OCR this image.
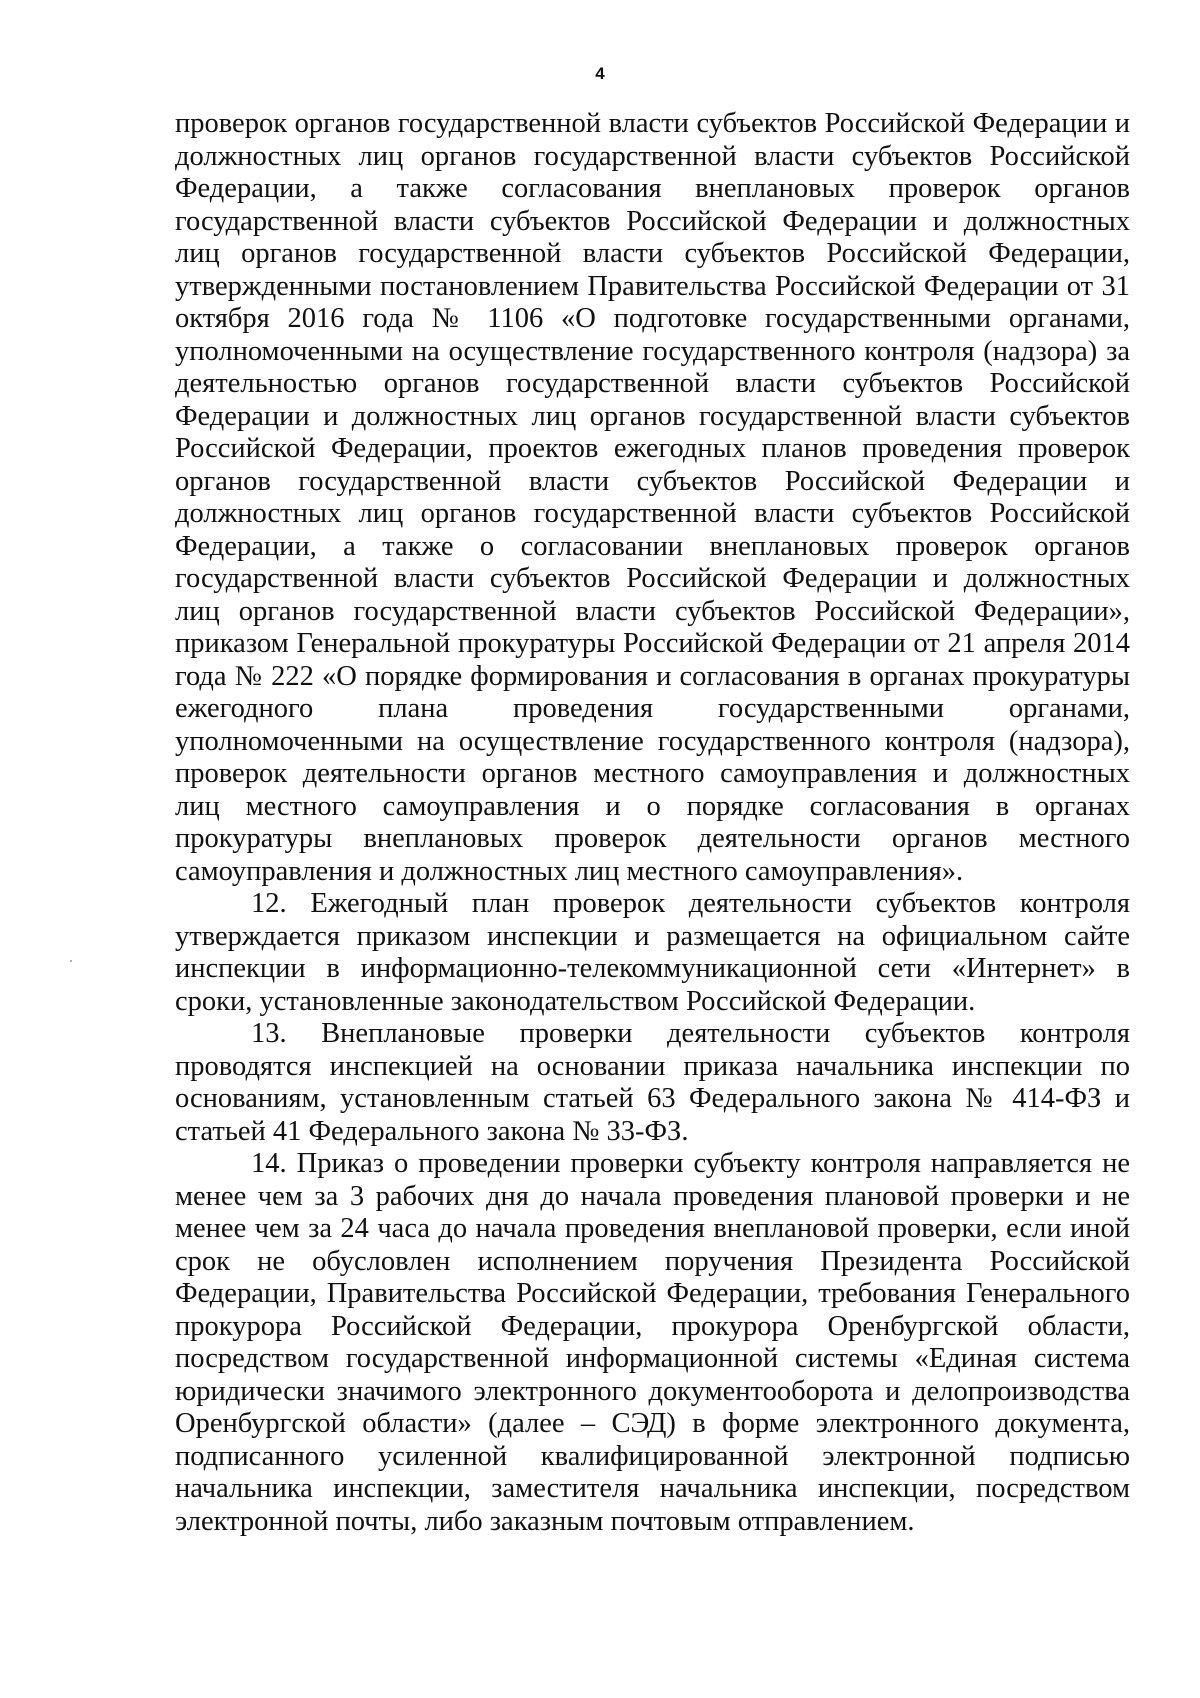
4

проверок органов государственной власти субъектов Российской Федерации и должностных лиц органов государственной власти субъектов Российской Федерации, а также согласования внеплановых проверок органов государственной власти субъектов Российской Федерации и должностных лиц органов государственной власти субъектов Российской Федерации, утвержденными постановлением Правительства Российской Федерации от 31 октября 2016 года № 1106 «О подготовке государственными органами, уполномоченными на осуществление государственного контроля (надзора) за деятельностью органов государственной власти субъектов Российской Федерации и должностных лиц органов государственной власти субъектов Российской Федерации, проектов ежегодных планов проведения проверок органов государственной власти субъектов Российской Федерации и должностных лиц органов государственной власти субъектов Российской Федерации, а также о согласовании внеплановых проверок органов государственной власти субъектов Российской Федерации и должностных лиц органов государственной власти субъектов Российской Федерации», приказом Генеральной прокуратуры Российской Федерации от 21 апреля 2014 года № 222 «О порядке формирования и согласования в органах прокуратуры ежегодного плана проведения государственными органами, уполномоченными на осуществление государственного контроля (надзора), проверок деятельности органов местного самоуправления и должностных лиц местного самоуправления и о порядке согласования в органах прокуратуры внеплановых проверок деятельности органов местного самоуправления и должностных лиц местного самоуправления».

12. Ежегодный план проверок деятельности субъектов контроля утверждается приказом инспекции и размещается на официальном сайте инспекции в информационно-телекоммуникационной сети «Интернет» в сроки, установленные законодательством Российской Федерации.

13. Внеплановые проверки деятельности субъектов контроля проводятся инспекцией на основании приказа начальника инспекции по основаниям, установленным статьей 63 Федерального закона № 414-ФЗ и статьей 41 Федерального закона № 33-ФЗ.

14. Приказ о проведении проверки субъекту контроля направляется не менее чем за 3 рабочих дня до начала проведения плановой проверки и не менее чем за 24 часа до начала проведения внеплановой проверки, если иной срок не обусловлен исполнением поручения Президента Российской Федерации, Правительства Российской Федерации, требования Генерального прокурора Российской Федерации, прокурора Оренбургской области, посредством государственной информационной системы «Единая система юридически значимого электронного документооборота и делопроизводства Оренбургской области» (далее – СЭД) в форме электронного документа, подписанного усиленной квалифицированной электронной подписью начальника инспекции, заместителя начальника инспекции, посредством электронной почты, либо заказным почтовым отправлением.
